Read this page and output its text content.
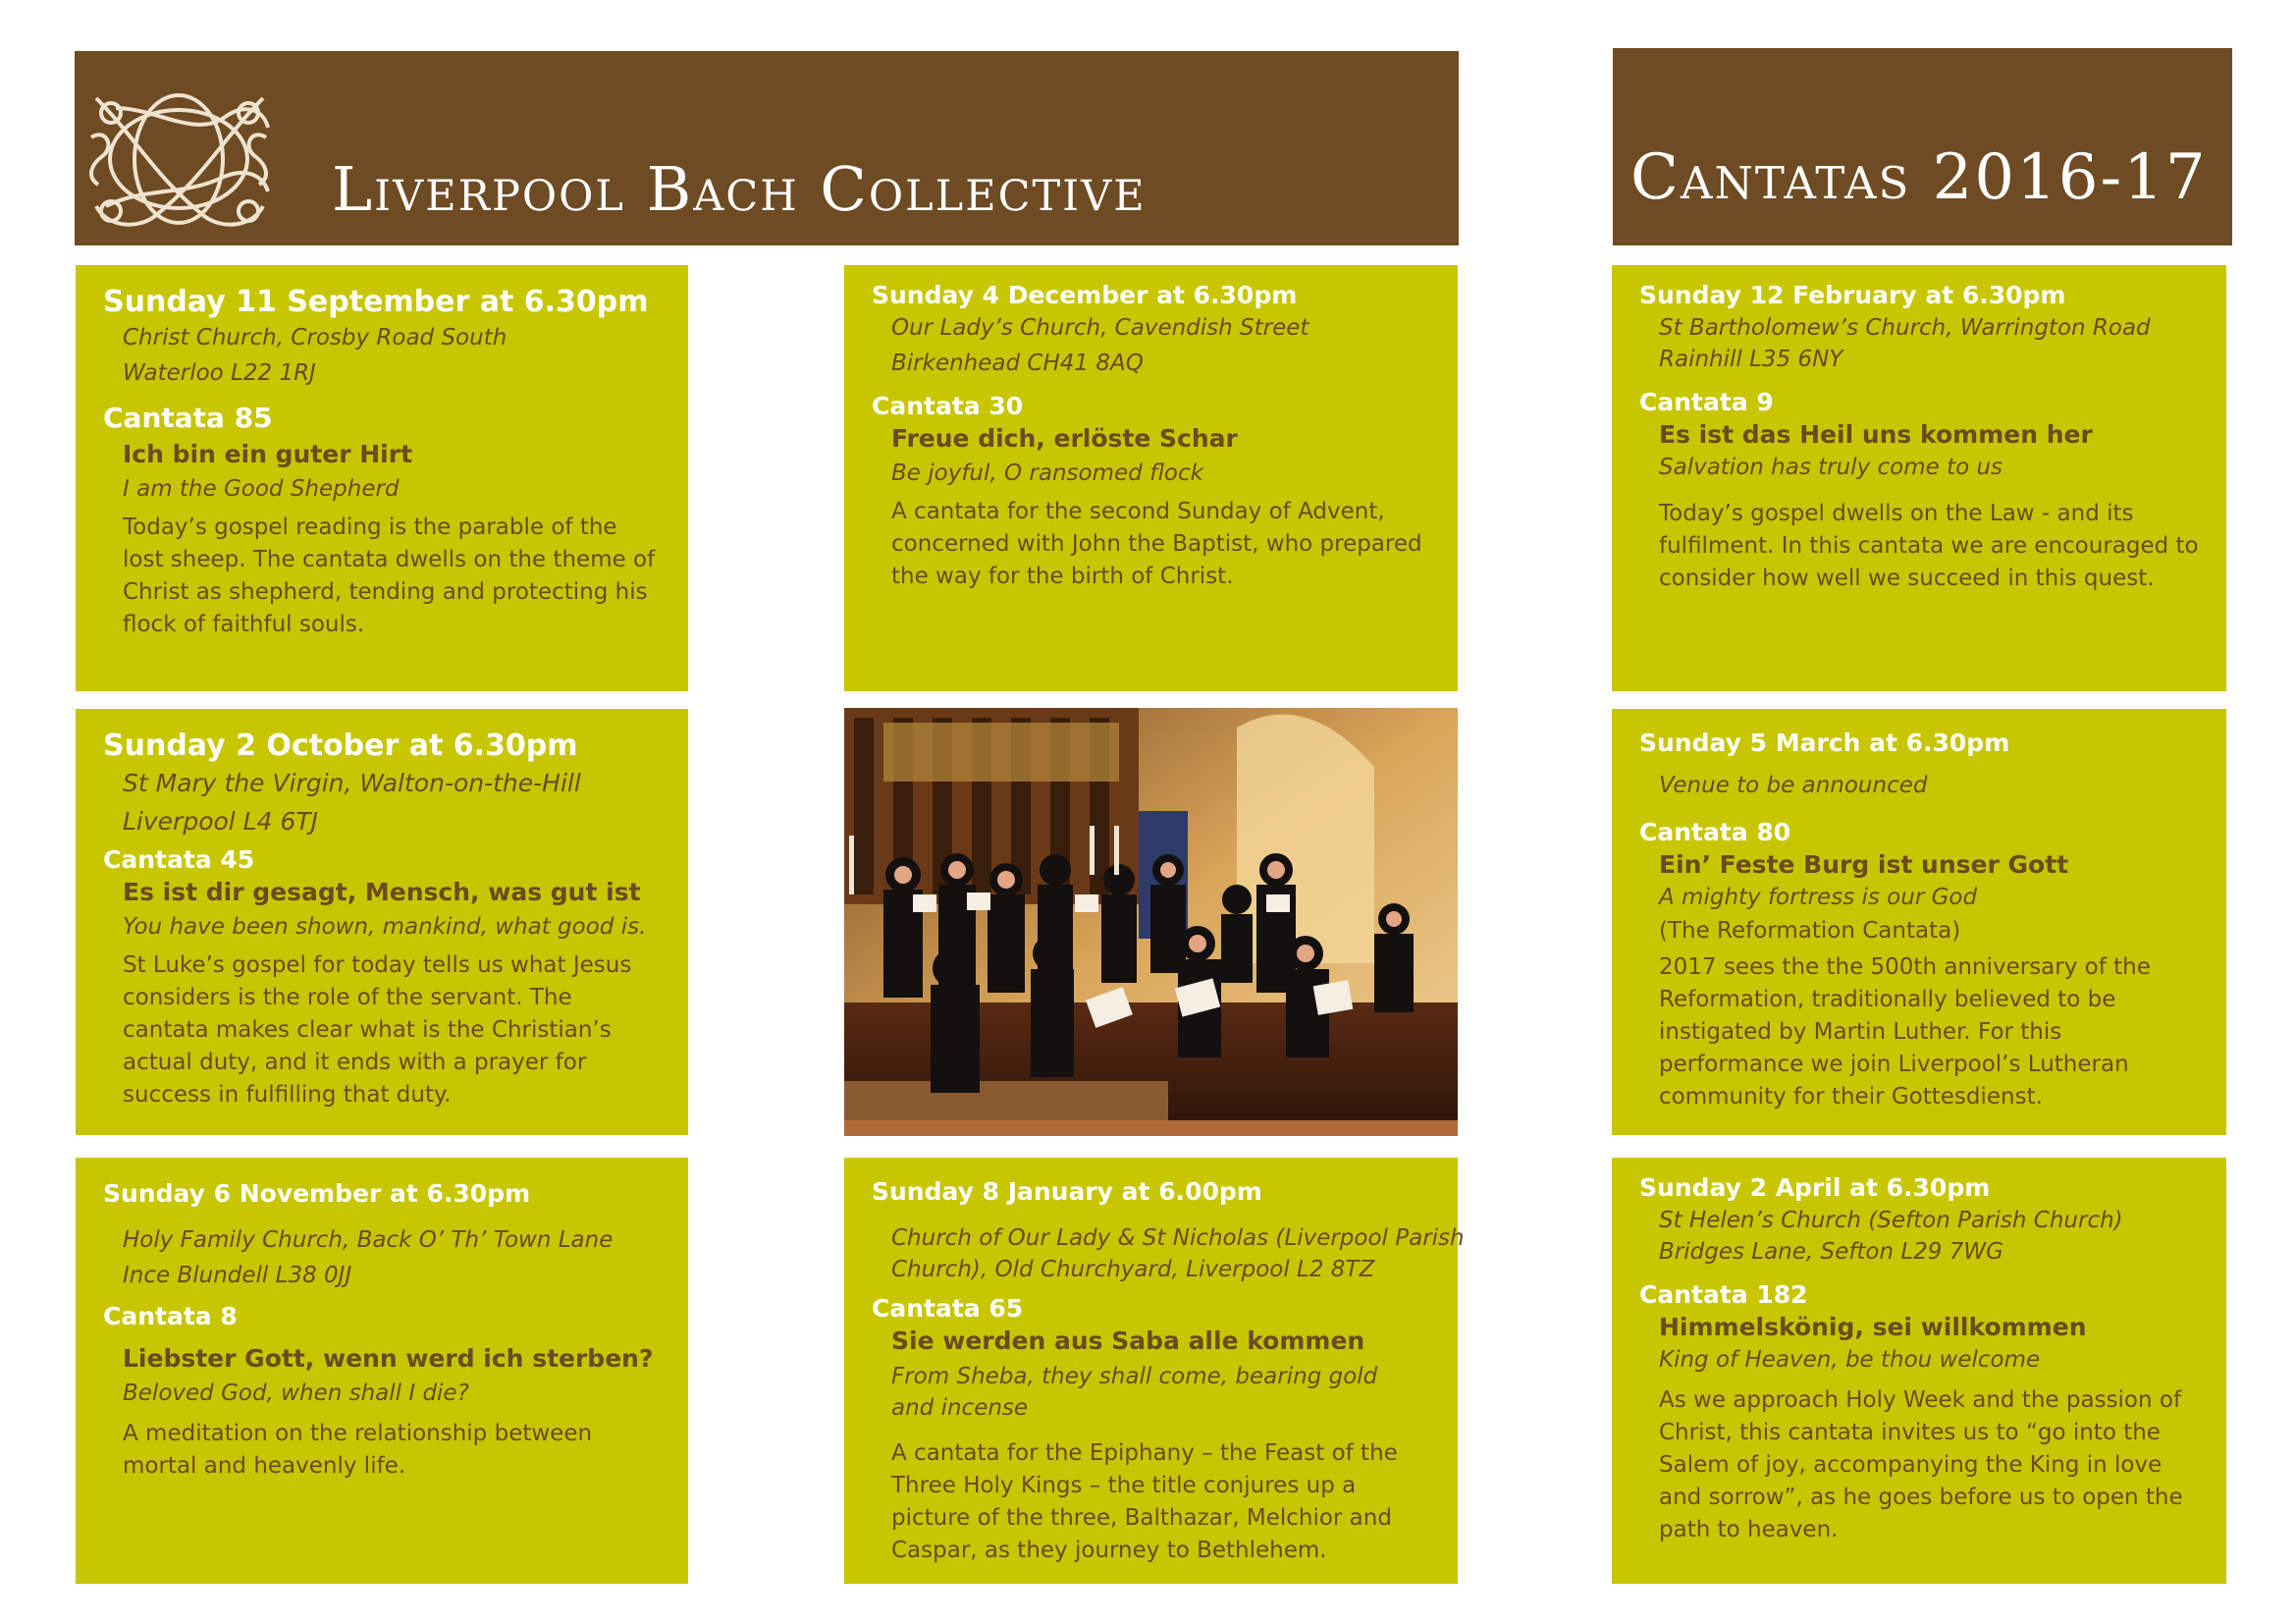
Liverpool Bach Collective	Cantatas 2016-17

Sunday 11 September at 6.30pm

Christ Church, Crosby Road South

Waterloo L22 1RJ

Cantata 85

Ich bin ein guter Hirt

I am the Good Shepherd

Today’s gospel reading is the parable of the lost sheep. The cantata dwells on the theme of Christ as shepherd, tending and protecting his flock of faithful souls.

Sunday 2 October at 6.30pm

St Mary the Virgin, Walton-on-the-Hill

Liverpool L4 6TJ

Cantata 45

Es ist dir gesagt, Mensch, was gut ist

You have been shown, mankind, what good is.

St Luke’s gospel for today tells us what Jesus considers is the role of the servant. The cantata makes clear what is the Christian’s actual duty, and it ends with a prayer for success in fulfilling that duty.

Sunday 6 November at 6.30pm

Holy Family Church, Back O’ Th’ Town Lane

Ince Blundell L38 0JJ

Cantata 8

Liebster Gott, wenn werd ich sterben?

Beloved God, when shall I die?

A meditation on the relationship between mortal and heavenly life.

Sunday 4 December at 6.30pm

Our Lady’s Church, Cavendish Street

Birkenhead CH41 8AQ

Cantata 30

Freue dich, erlöste Schar

Be joyful, O ransomed flock

A cantata for the second Sunday of Advent, concerned with John the Baptist, who prepared the way for the birth of Christ.

Sunday 8 January at 6.00pm

Church of Our Lady & St Nicholas (Liverpool Parish

Church), Old Churchyard, Liverpool L2 8TZ

Cantata 65

Sie werden aus Saba alle kommen

From Sheba, they shall come, bearing gold and incense

A cantata for the Epiphany – the Feast of the Three Holy Kings – the title conjures up a picture of the three, Balthazar, Melchior and Caspar, as they journey to Bethlehem.

Sunday 12 February at 6.30pm

St Bartholomew’s Church, Warrington Road

Rainhill L35 6NY

Cantata 9

Es ist das Heil uns kommen her

Salvation has truly come to us

Today’s gospel dwells on the Law - and its fulfilment. In this cantata we are encouraged to consider how well we succeed in this quest.

Sunday 5 March at 6.30pm

Venue to be announced

Cantata 80

Ein’ Feste Burg ist unser Gott

A mighty fortress is our God

(The Reformation Cantata)

2017 sees the the 500th anniversary of the Reformation, traditionally believed to be instigated by Martin Luther. For this performance we join Liverpool’s Lutheran community for their Gottesdienst.

Sunday 2 April at 6.30pm

St Helen’s Church (Sefton Parish Church)

Bridges Lane, Sefton L29 7WG

Cantata 182

Himmelskönig, sei willkommen

King of Heaven, be thou welcome

As we approach Holy Week and the passion of Christ, this cantata invites us to “go into the Salem of joy, accompanying the King in love and sorrow”, as he goes before us to open the path to heaven.
